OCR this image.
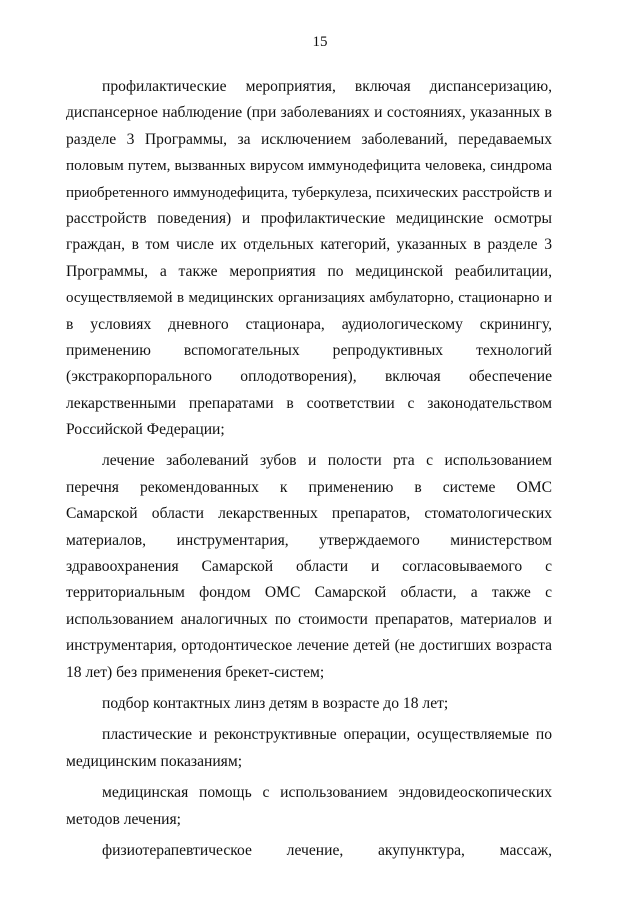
15
профилактические мероприятия, включая диспансеризацию,
диспансерное наблюдение (при заболеваниях и состояниях, указанных в
разделе 3 Программы, за исключением заболеваний, передаваемых
половым путем, вызванных вирусом иммунодефицита человека, синдрома
приобретенного иммунодефицита, туберкулеза, психических расстройств и
расстройств поведения) и профилактические медицинские осмотры
граждан, в том числе их отдельных категорий, указанных в разделе 3
Программы, а также мероприятия по медицинской реабилитации,
осуществляемой в медицинских организациях амбулаторно, стационарно и
в условиях дневного стационара, аудиологическому скринингу,
применению вспомогательных репродуктивных технологий
(экстракорпорального оплодотворения), включая обеспечение
лекарственными препаратами в соответствии с законодательством
Российской Федерации;
лечение заболеваний зубов и полости рта с использованием
перечня рекомендованных к применению в системе ОМС
Самарской области лекарственных препаратов, стоматологических
материалов, инструментария, утверждаемого министерством
здравоохранения Самарской области и согласовываемого с
территориальным фондом ОМС Самарской области, а также с
использованием аналогичных по стоимости препаратов, материалов и
инструментария, ортодонтическое лечение детей (не достигших возраста
18 лет) без применения брекет-систем;
подбор контактных линз детям в возрасте до 18 лет;
пластические и реконструктивные операции, осуществляемые по
медицинским показаниям;
медицинская помощь с использованием эндовидеоскопических
методов лечения;
физиотерапевтическое лечение, акупунктура, массаж,
